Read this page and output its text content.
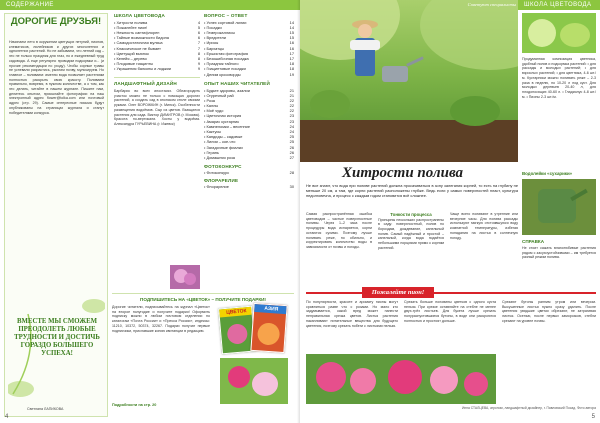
СОДЕРЖАНИЕ
ДОРОГИЕ ДРУЗЬЯ!
Начинаем лето в окружении цветущих петуний, пионов, клематисов, лилейников и других многолетних и однолетних растений. Но не забываем, что летний сад – это не только праздник для глаз, но и ежедневный труд садовода. А еще регулярно проводим подкормки и... (и прочие рекомендации по уходу). Чтобы сорные травы не успевали разрастись, рыхлим почву, мульчируем. Но главное – поливаем: именно вода позволяет растениям полностью раскрыть свою красоту. Поливаем правильно, вовремя, в нужном количестве, а о том, как это делать, читайте в нашем журнале. Пишите нам, делитесь опытом, присылайте фотографии на наш электронный адрес flower@tolka.com или почтовый адрес (стр. 29). Самые интересные письма будут опубликованы на страницах журнала и станут победителями конкурса.
ВМЕСТЕ МЫ СМОЖЕМ ПРЕОДОЛЕТЬ ЛЮБЫЕ ТРУДНОСТИ И ДОСТИЧЬ ГОРАЗДО БОЛЬШЕГО УСПЕХА!
Светлана ЛАПИКОВА
ШКОЛА ЦВЕТОВОДА
• Хитрости полива	4
• Пожалейте пион!	5
• Нежность сантифлорен	6
• Тайные возможности бидона	6
• Самодостаточная мульча	7
• Классическое не бывает	7
• Цветущий вьюнок	8
• Келейя – дерево	8
• Плодовые гиацинты	9
• Украшения балконы и лоджии	9
ЛАНДШАФТНЫЙ ДИЗАЙН
Барбарис во всех ипостасях. Облагородить участок можно не только с помощью дорогих растений, а создать сад в японском стиле своими руками. Олег ВОРОЖКИН (г. Минск). Особенности размещения водоёмов. Сыр из цветов. Вьющиеся растения для сада. Виктор ДИМИТРОВ (г. Москва). Красота по-вертикали. Хосты у водоёма. Александра ГУРЬЕВИНА (г. Ижевск)
ВОПРОС – ОТВЕТ
• Успех сортовой лилии	14
• Посадки	14
• Гемерокаллисы	15
• Вредители	15
• Ирисы	16
• Бархатцы	16
• Ершистая фотография	17
• Безошибочная посадка	17
• Праздник тайного	18
• Гиацинтовые посадки	18
• Делим кроссворды	19
ОПЫТ НАШИХ ЧИТАТЕЛЕЙ
• Будьте здоровы, азалии	21
• Огуречный рай	21
• Роза	22
• Каллы	22
• Моё чудо	22
• Цветочная история	23
• Амарис кустарник	23
• Камнеломки – весенние	24
• Кактусы	24
• Кандиды – садовые	25
• Лилии – кое-что	25
• Загадочные фиалки	26
• Герань	26
• Домашняя роза	27
ФОТОКОНКУРС
• Фотоконкурс	28
ФЛОРАРЕЛИЕ
• Флорарелие	30
ПОДПИШИТЕСЬ НА «ЦВЕТОК» – ПОЛУЧИТЕ ПОДАРКИ!
Дорогие читатели, подписывайтесь на журнал «Цветок» на второе полугодие и получите подарки! Оформить подписку можно в любом почтовом отделении по каталогам «Почта России» и «Пресса России», индексы: 11210, 10372, 50374, 32267. Подарки получат первые подписчики, приславшие копию квитанции в редакцию.
Подробности на стр. 20
ЦВЕТОК	АЗИЯ
4
ШКОЛА ЦВЕТОВОДА
Советуют специалисты
Продуманная композиция цветника, удобный полив и подкормка растений: • для рассады и молодых растений; • для взрослых растений; • для цветника, 4-6 шт./м. Кустарники можно поливать реже – 2-3 раза в неделю, по 10-20 л под куст. Для молодых деревьев 20-40 л, для плодоносящих 40-60 л. • Гладиолус 4-8 шт./м. • Пионы 2-3 шт./м.
Водолейки «сухарики»
СПРАВКА
Не стоит сажать влаголюбивые растения рядом с засухоустойчивыми – им требуется разный режим полива.
Хитрости полива
Не все знают, что вода при поливе растений должна просачиваться в зону залегания корней, то есть на глубину не меньше 20 см, а там, где корни растений расположены глубже. Ведь если у самых поверхностей пласт, культура недолговечна, и процесс с каждым годом становится всё сложнее.
Самая распространённая ошибка цветоводов – частые поверхностные поливы. Через 1–2 часа после процедуры вода испаряется, корни остаются сухими. Поэтому лучше поливать реже, но обильно, и корректировать количество воды в зависимости от почвы и погоды.
Тонкости процесса
Принципы нескольких распространены в саду: поверхностный, полив по бороздам, дождевание, капельный полив. Самый надёжный и простой – капельный, когда вода подаётся небольшими порциями прямо к корням растений.
Чаще всего поливают в утренние или вечерние часы. Для полива рассады используют мягкую отстоявшуюся воду комнатной температуры, избегая попадания на листья в солнечную погоду.
Пожалейте пион!
По популярности, красоте и аромату пионы могут сравниться разве что с розами. Но мало кто задумывается, какой вред может нанести неправильная срезка цветов. Листья растения накапливают питательные вещества для будущего цветения, поэтому срезать побеги с листьями нельзя.
Срезать больше половины цветков с одного куста нельзя. При срезке оставляйте на стебле не менее двух-трёх листьев. Для букета лучше срезать полураспустившиеся бутоны, в воде они раскроются полностью и простоят дольше.
Срезают бутоны ранним утром или вечером. Высушенные листья нужно сразу удалить. После цветения увядшие цветки обрезают, не затрагивая листья. Осенью, после первых заморозков, стебли срезают на уровне почвы.
Инна СТАЛЦЕВА, агроном, ландшафтный дизайнер, г. Павловский Посад. Фото автора
5
